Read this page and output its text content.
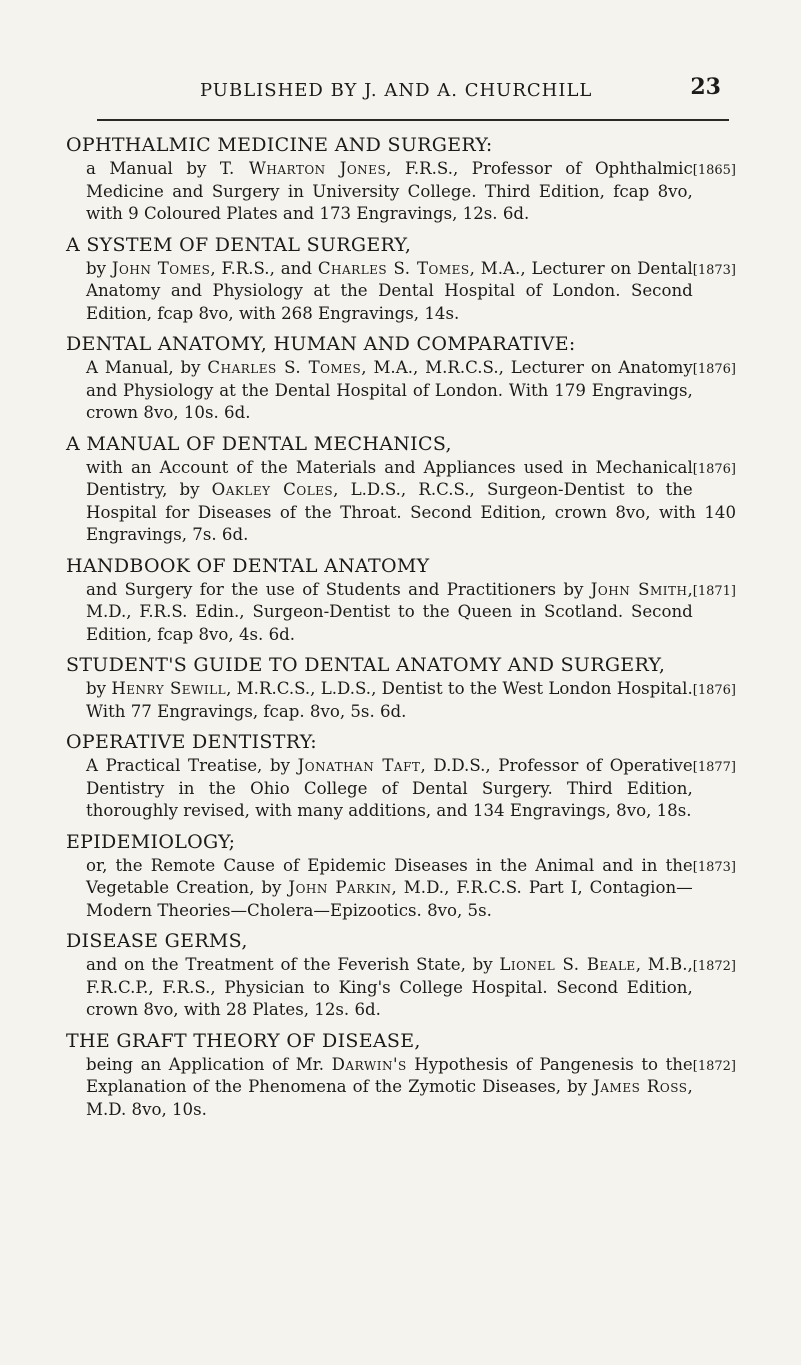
PUBLISHED BY J. AND A. CHURCHILL	23
OPHTHALMIC MEDICINE AND SURGERY:
[1865]
a Manual by T. Wharton Jones, F.R.S., Professor of Ophthalmic Medicine and Surgery in University College. Third Edition, fcap 8vo, with 9 Coloured Plates and 173 Engravings, 12s. 6d.
A SYSTEM OF DENTAL SURGERY,
[1873]
by John Tomes, F.R.S., and Charles S. Tomes, M.A., Lecturer on Dental Anatomy and Physiology at the Dental Hospital of London. Second Edition, fcap 8vo, with 268 Engravings, 14s.
DENTAL ANATOMY, HUMAN AND COMPARATIVE:
[1876]
A Manual, by Charles S. Tomes, M.A., M.R.C.S., Lecturer on Anatomy and Physiology at the Dental Hospital of London. With 179 Engravings, crown 8vo, 10s. 6d.
A MANUAL OF DENTAL MECHANICS,
[1876]
with an Account of the Materials and Appliances used in Mechanical Dentistry, by Oakley Coles, L.D.S., R.C.S., Surgeon-Dentist to the Hospital for Diseases of the Throat. Second Edition, crown 8vo, with 140 Engravings, 7s. 6d.
HANDBOOK OF DENTAL ANATOMY
[1871]
and Surgery for the use of Students and Practitioners by John Smith, M.D., F.R.S. Edin., Surgeon-Dentist to the Queen in Scotland. Second Edition, fcap 8vo, 4s. 6d.
STUDENT'S GUIDE TO DENTAL ANATOMY AND SURGERY,
[1876]
by Henry Sewill, M.R.C.S., L.D.S., Dentist to the West London Hospital. With 77 Engravings, fcap. 8vo, 5s. 6d.
OPERATIVE DENTISTRY:
[1877]
A Practical Treatise, by Jonathan Taft, D.D.S., Professor of Operative Dentistry in the Ohio College of Dental Surgery. Third Edition, thoroughly revised, with many additions, and 134 Engravings, 8vo, 18s.
EPIDEMIOLOGY;
[1873]
or, the Remote Cause of Epidemic Diseases in the Animal and in the Vegetable Creation, by John Parkin, M.D., F.R.C.S. Part I, Contagion—Modern Theories—Cholera—Epizootics. 8vo, 5s.
DISEASE GERMS,
[1872]
and on the Treatment of the Feverish State, by Lionel S. Beale, M.B., F.R.C.P., F.R.S., Physician to King's College Hospital. Second Edition, crown 8vo, with 28 Plates, 12s. 6d.
THE GRAFT THEORY OF DISEASE,
[1872]
being an Application of Mr. Darwin's Hypothesis of Pangenesis to the Explanation of the Phenomena of the Zymotic Diseases, by James Ross, M.D. 8vo, 10s.
